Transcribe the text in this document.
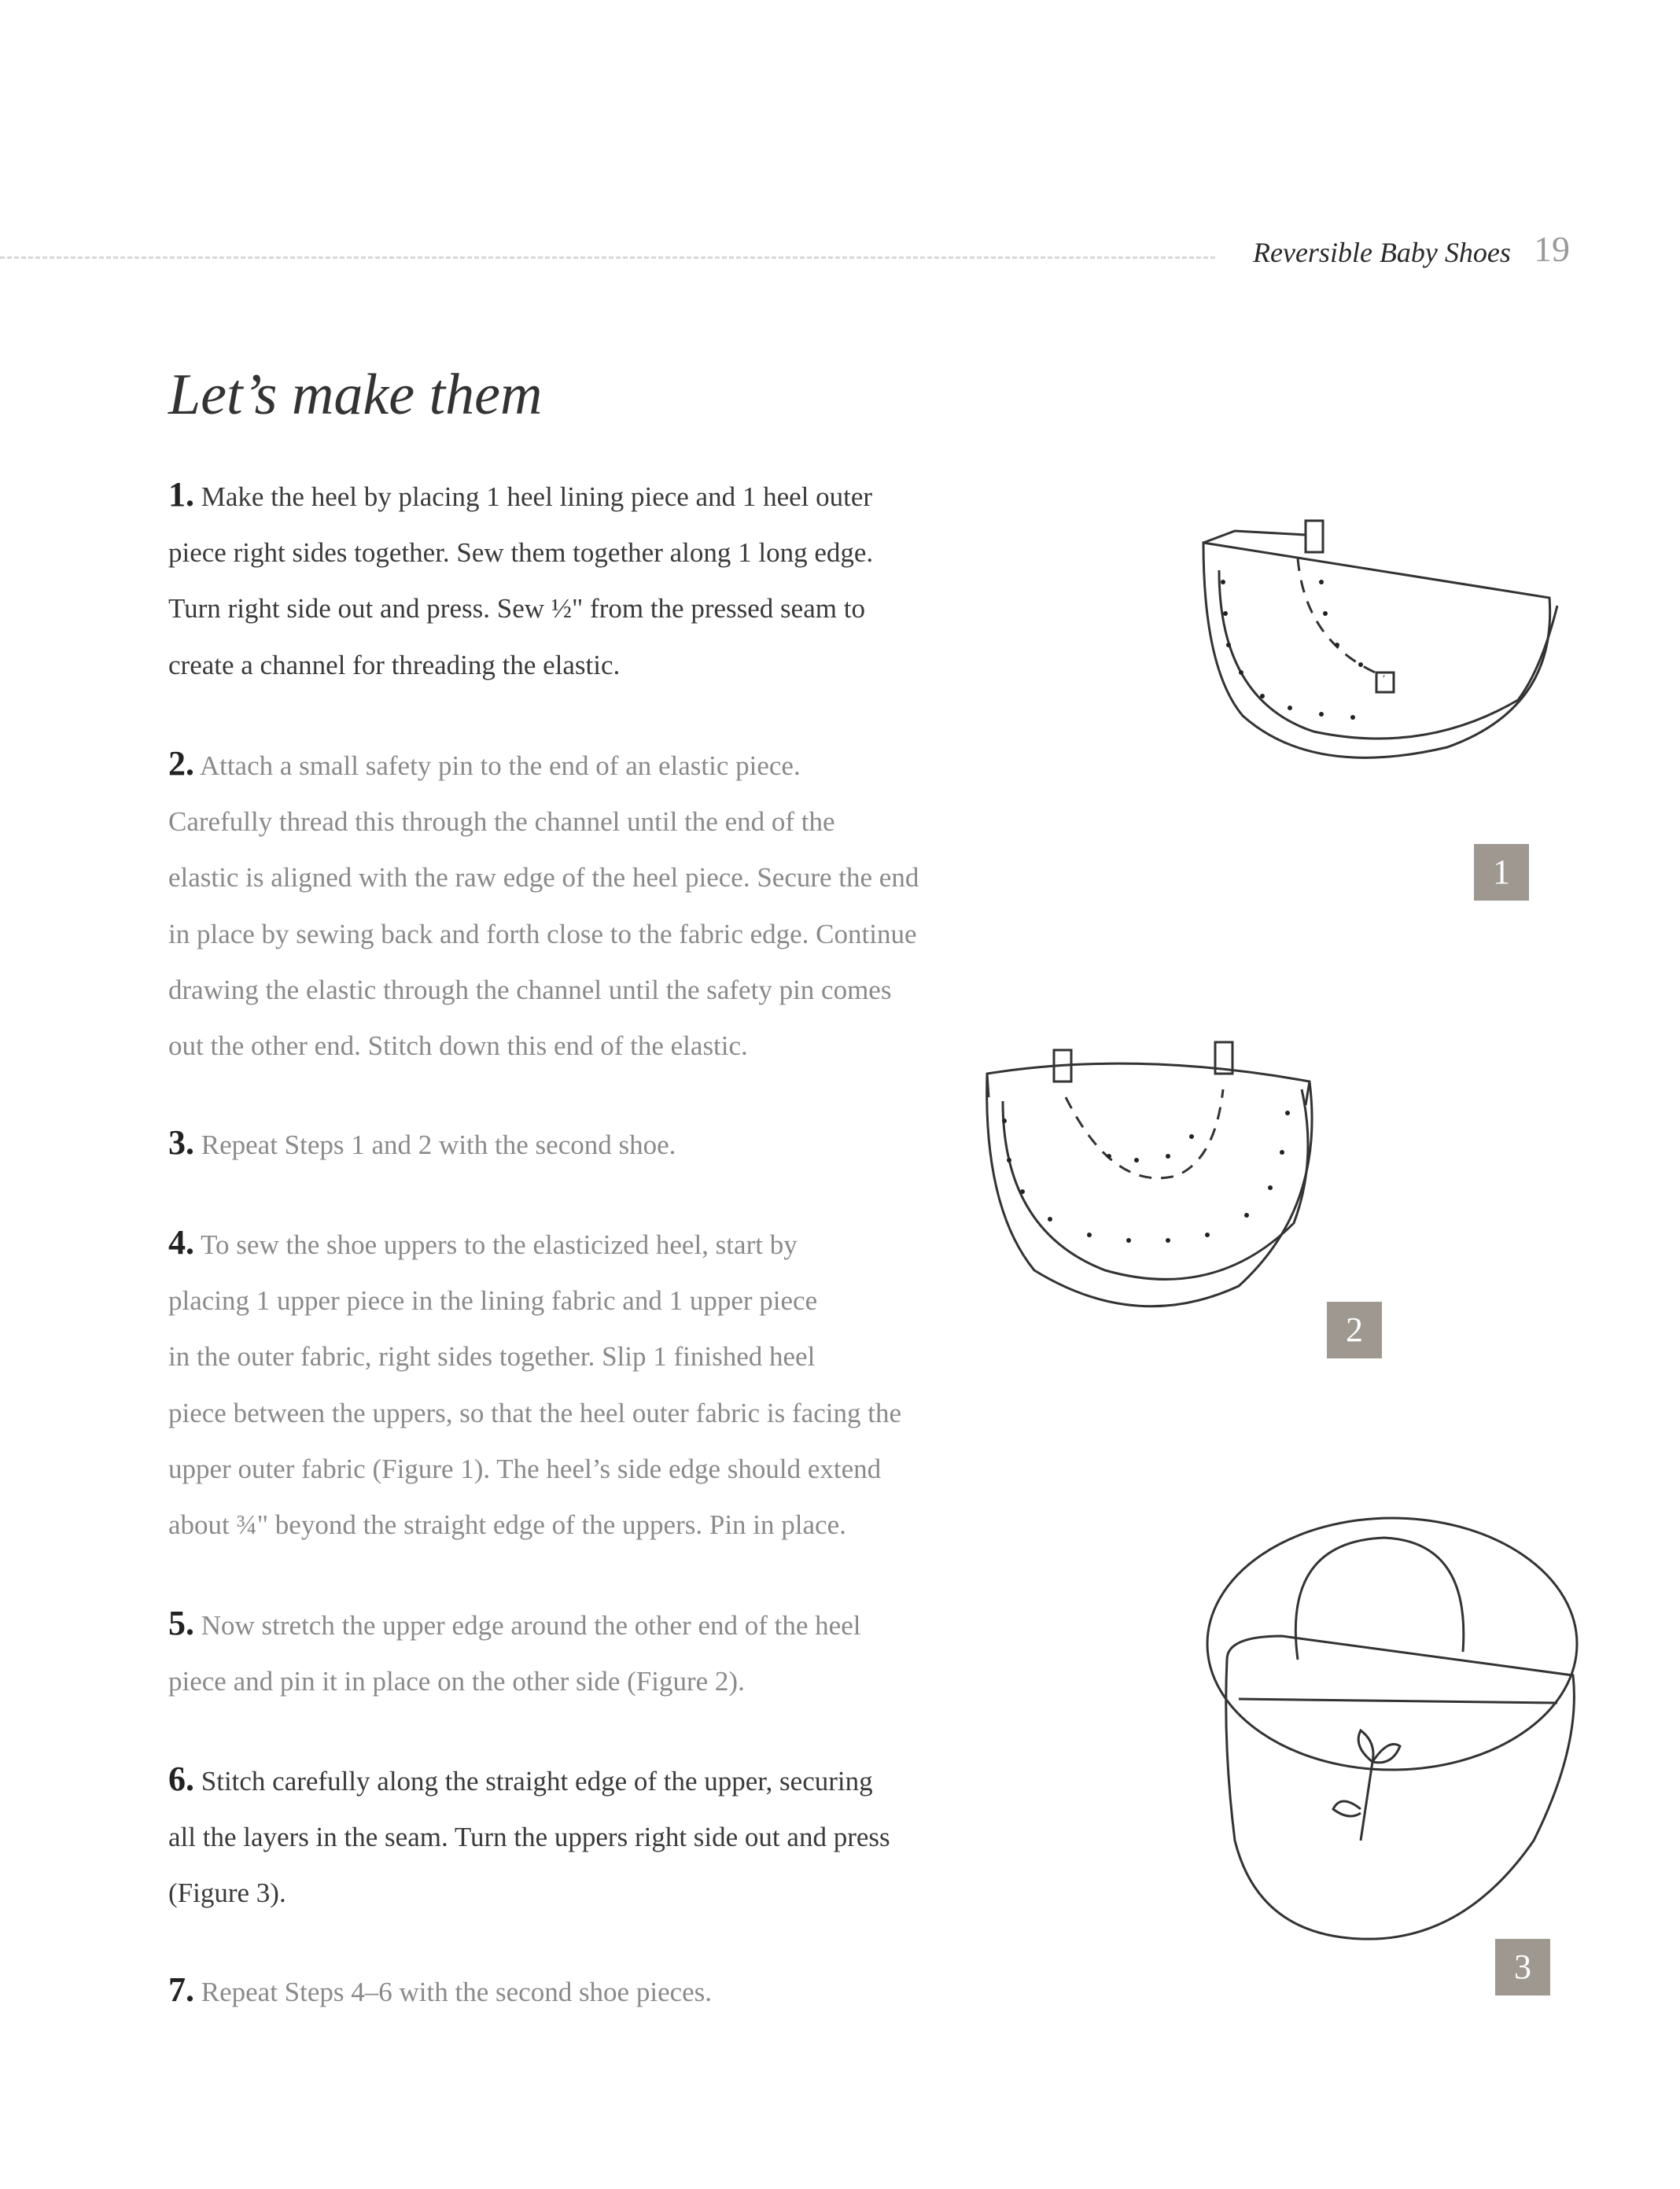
Reversible Baby Shoes 19
Let’s make them
1. Make the heel by placing 1 heel lining piece and 1 heel outer
piece right sides together. Sew them together along 1 long edge.
Turn right side out and press. Sew ½" from the pressed seam to
create a channel for threading the elastic.
2. Attach a small safety pin to the end of an elastic piece.
Carefully thread this through the channel until the end of the
elastic is aligned with the raw edge of the heel piece. Secure the end
in place by sewing back and forth close to the fabric edge. Continue
drawing the elastic through the channel until the safety pin comes
out the other end. Stitch down this end of the elastic.
3. Repeat Steps 1 and 2 with the second shoe.
4. To sew the shoe uppers to the elasticized heel, start by
placing 1 upper piece in the lining fabric and 1 upper piece
in the outer fabric, right sides together. Slip 1 finished heel
piece between the uppers, so that the heel outer fabric is facing the
upper outer fabric (Figure 1). The heel’s side edge should extend
about ¾" beyond the straight edge of the uppers. Pin in place.
5. Now stretch the upper edge around the other end of the heel
piece and pin it in place on the other side (Figure 2).
6. Stitch carefully along the straight edge of the upper, securing
all the layers in the seam. Turn the uppers right side out and press
(Figure 3).
7. Repeat Steps 4–6 with the second shoe pieces.
1
2
3
